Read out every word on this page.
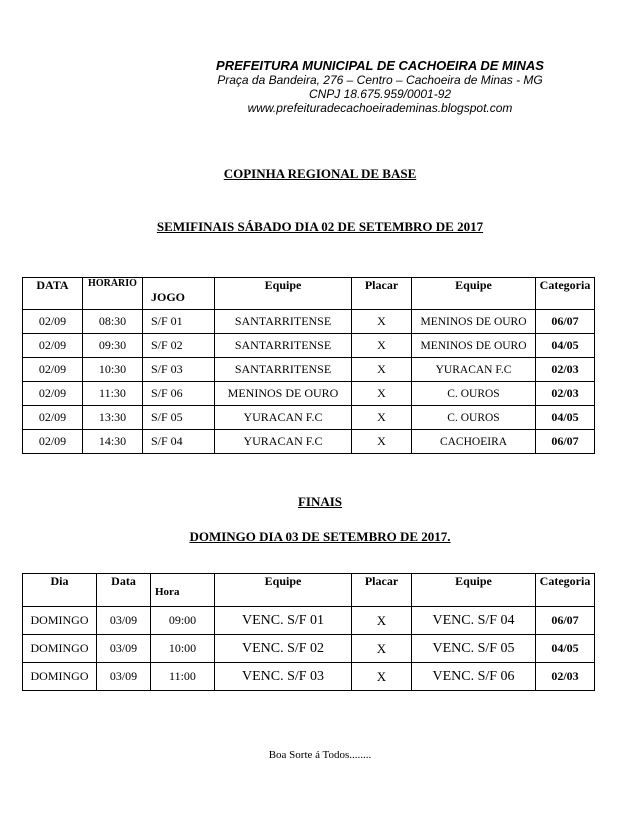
PREFEITURA MUNICIPAL DE CACHOEIRA DE MINAS
Praça da Bandeira, 276 – Centro – Cachoeira de Minas - MG
CNPJ 18.675.959/0001-92
www.prefeituradecachoeirademinas.blogspot.com
COPINHA REGIONAL DE BASE
SEMIFINAIS SÁBADO DIA 02 DE SETEMBRO DE 2017
DATA	HORÁRIO	JOGO	Equipe	Placar	Equipe	Categoria
02/09	08:30	S/F 01	SANTARRITENSE	X	MENINOS DE OURO	06/07
02/09	09:30	S/F 02	SANTARRITENSE	X	MENINOS DE OURO	04/05
02/09	10:30	S/F 03	SANTARRITENSE	X	YURACAN F.C	02/03
02/09	11:30	S/F 06	MENINOS DE OURO	X	C. OUROS	02/03
02/09	13:30	S/F 05	YURACAN F.C	X	C. OUROS	04/05
02/09	14:30	S/F 04	YURACAN F.C	X	CACHOEIRA	06/07
FINAIS
DOMINGO DIA 03 DE SETEMBRO DE 2017.
Dia	Data	Hora	Equipe	Placar	Equipe	Categoria
DOMINGO	03/09	09:00	VENC. S/F 01	X	VENC. S/F 04	06/07
DOMINGO	03/09	10:00	VENC. S/F 02	X	VENC. S/F 05	04/05
DOMINGO	03/09	11:00	VENC. S/F 03	X	VENC. S/F 06	02/03
Boa Sorte á Todos........
